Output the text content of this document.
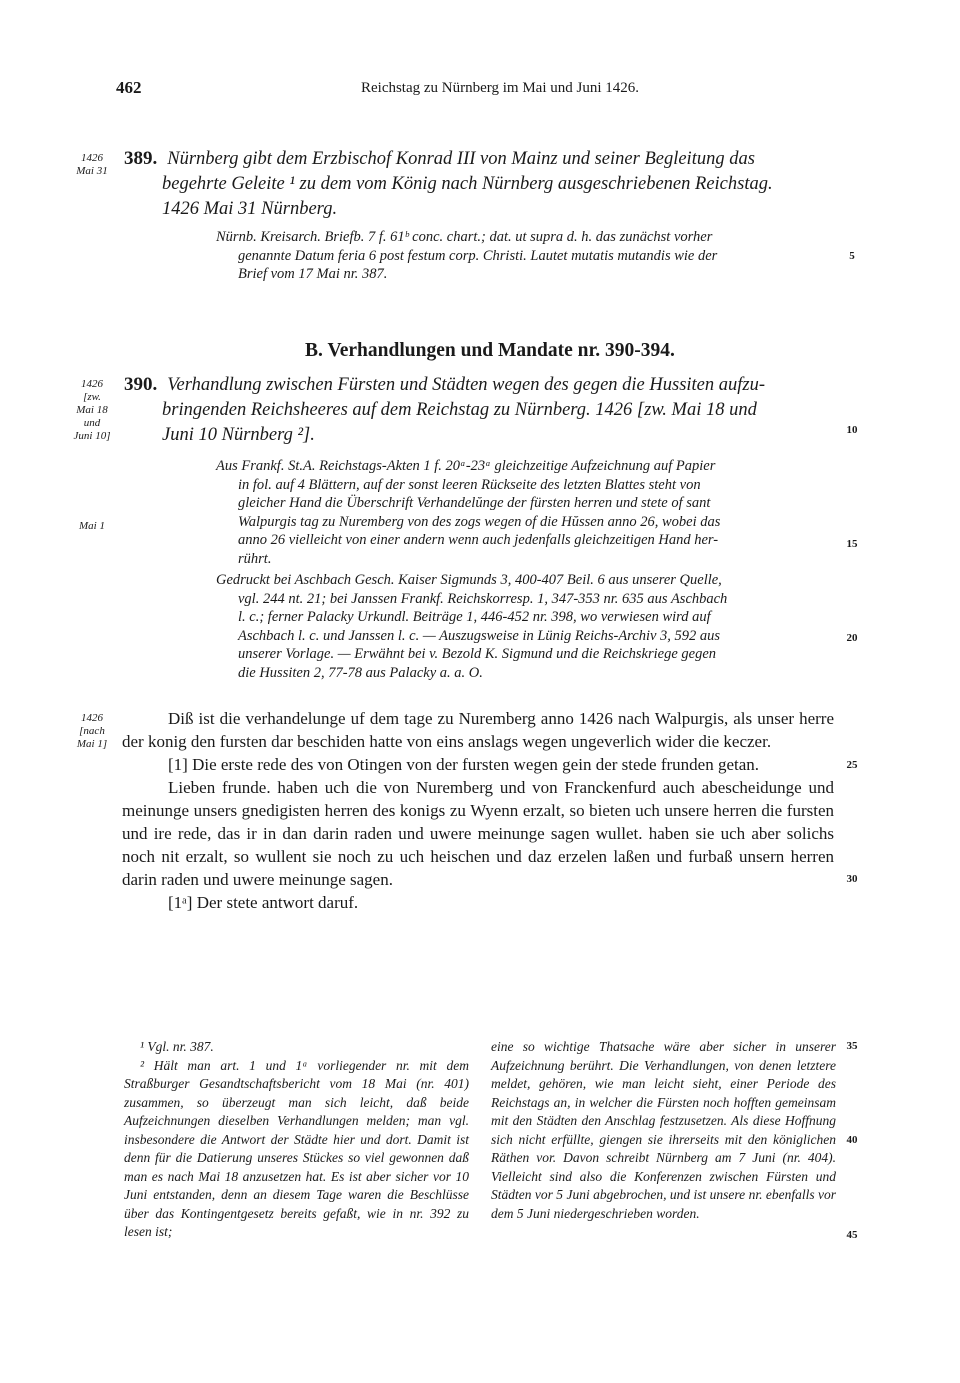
462	Reichstag zu Nürnberg im Mai und Juni 1426.
1426
Mai 31
389. Nürnberg gibt dem Erzbischof Konrad III von Mainz und seiner Begleitung das
begehrte Geleite ¹ zu dem vom König nach Nürnberg ausgeschriebenen Reichstag.
1426 Mai 31 Nürnberg.
Nürnb. Kreisarch. Briefb. 7 f. 61ᵇ conc. chart.; dat. ut supra d. h. das zunächst vorher
genannte Datum feria 6 post festum corp. Christi. Lautet mutatis mutandis wie der
Brief vom 17 Mai nr. 387.
B. Verhandlungen und Mandate nr. 390-394.
1426
[zw.
Mai 18
und
Juni 10]
390. Verhandlung zwischen Fürsten und Städten wegen des gegen die Hussiten aufzu-
bringenden Reichsheeres auf dem Reichstag zu Nürnberg. 1426 [zw. Mai 18 und
Juni 10 Nürnberg ²].
Mai 1
Aus Frankf. St.A. Reichstags-Akten 1 f. 20ᵃ-23ᵃ gleichzeitige Aufzeichnung auf Papier
in fol. auf 4 Blättern, auf der sonst leeren Rückseite des letzten Blattes steht von
gleicher Hand die Überschrift Verhandelŭnge der fürsten herren und stete of sant
Walpurgis tag zu Nuremberg von des zogs wegen of die Hŭssen anno 26, wobei das
anno 26 vielleicht von einer andern wenn auch jedenfalls gleichzeitigen Hand her-
rührt.
Gedruckt bei Aschbach Gesch. Kaiser Sigmunds 3, 400-407 Beil. 6 aus unserer Quelle,
vgl. 244 nt. 21; bei Janssen Frankf. Reichskorresp. 1, 347-353 nr. 635 aus Aschbach
l. c.; ferner Palacky Urkundl. Beiträge 1, 446-452 nr. 398, wo verwiesen wird auf
Aschbach l. c. und Janssen l. c. — Auszugsweise in Lünig Reichs-Archiv 3, 592 aus
unserer Vorlage. — Erwähnt bei v. Bezold K. Sigmund und die Reichskriege gegen
die Hussiten 2, 77-78 aus Palacky a. a. O.
1426
[nach
Mai 1]

Diß ist die verhandelunge uf dem tage zu Nuremberg anno 1426 nach Walpurgis, als unser herre der konig den fursten dar beschiden hatte von eins anslags wegen ungeverlich wider die keczer.

[1] Die erste rede des von Otingen von der fursten wegen gein der stede frunden getan.

Lieben frunde. haben uch die von Nuremberg und von Franckenfurd auch abescheidunge und meinunge unsers gnedigisten herren des konigs zu Wyenn erzalt, so bieten uch unsere herren die fursten und ire rede, das ir in dan darin raden und uwere meinunge sagen wullet. haben sie uch aber solichs noch nit erzalt, so wullent sie noch zu uch heischen und daz erzelen laßen und furbaß unsern herren darin raden und uwere meinunge sagen.

[1ᵃ] Der stete antwort daruf.

5
10
15
20
25
30
35
40
45

¹ Vgl. nr. 387.

² Hält man art. 1 und 1ᵃ vorliegender nr. mit dem Straßburger Gesandtschaftsbericht vom 18 Mai (nr. 401) zusammen, so überzeugt man sich leicht, daß beide Aufzeichnungen dieselben Verhandlungen melden; man vgl. insbesondere die Antwort der Städte hier und dort. Damit ist denn für die Datierung unseres Stückes so viel gewonnen daß man es nach Mai 18 anzusetzen hat. Es ist aber sicher vor 10 Juni entstanden, denn an diesem Tage waren die Beschlüsse über das Kontingentgesetz bereits gefaßt, wie in nr. 392 zu lesen ist;

eine so wichtige Thatsache wäre aber sicher in unserer Aufzeichnung berührt. Die Verhandlungen, von denen letztere meldet, gehören, wie man leicht sieht, einer Periode des Reichstags an, in welcher die Fürsten noch hofften gemeinsam mit den Städten den Anschlag festzusetzen. Als diese Hoffnung sich nicht erfüllte, giengen sie ihrerseits mit den königlichen Räthen vor. Davon schreibt Nürnberg am 7 Juni (nr. 404). Vielleicht sind also die Konferenzen zwischen Fürsten und Städten vor 5 Juni abgebrochen, und ist unsere nr. ebenfalls vor dem 5 Juni niedergeschrieben worden.
